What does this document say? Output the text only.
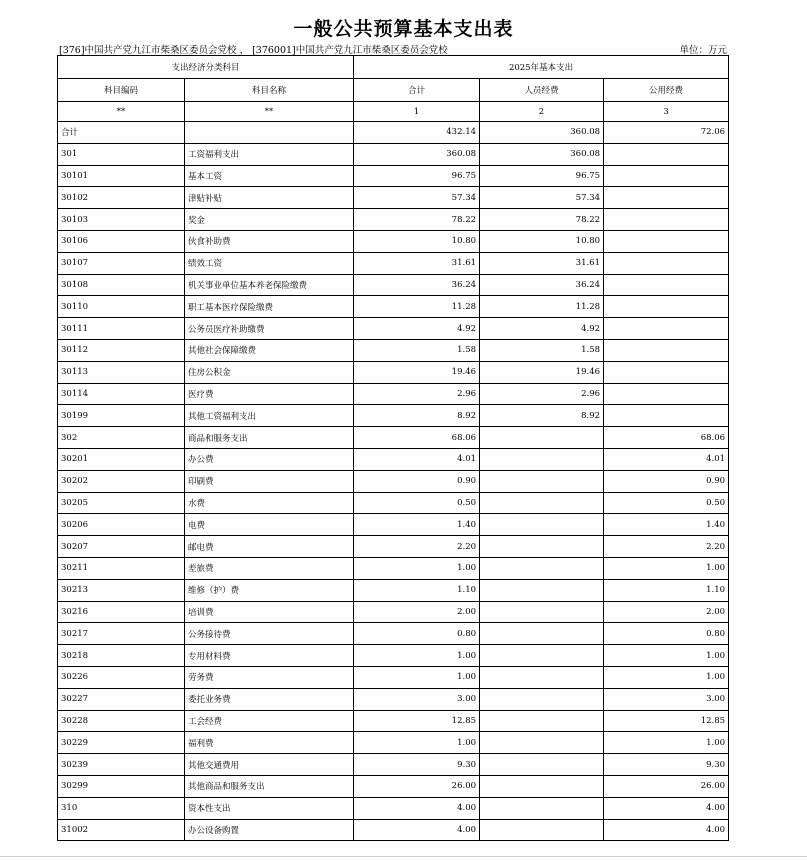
一般公共预算基本支出表
[376]中国共产党九江市柴桑区委员会党校 ， [376001]中国共产党九江市柴桑区委员会党校	单位：万元
支出经济分类科目		2025年基本支出		
科目编码	科目名称	合计	人员经费	公用经费
**	**	1	2	3
合计		432.14	360.08	72.06
301	工资福利支出	360.08	360.08	
30101	基本工资	96.75	96.75	
30102	津贴补贴	57.34	57.34	
30103	奖金	78.22	78.22	
30106	伙食补助费	10.80	10.80	
30107	绩效工资	31.61	31.61	
30108	机关事业单位基本养老保险缴费	36.24	36.24	
30110	职工基本医疗保险缴费	11.28	11.28	
30111	公务员医疗补助缴费	4.92	4.92	
30112	其他社会保障缴费	1.58	1.58	
30113	住房公积金	19.46	19.46	
30114	医疗费	2.96	2.96	
30199	其他工资福利支出	8.92	8.92	
302	商品和服务支出	68.06		68.06
30201	办公费	4.01		4.01
30202	印刷费	0.90		0.90
30205	水费	0.50		0.50
30206	电费	1.40		1.40
30207	邮电费	2.20		2.20
30211	差旅费	1.00		1.00
30213	维修（护）费	1.10		1.10
30216	培训费	2.00		2.00
30217	公务接待费	0.80		0.80
30218	专用材料费	1.00		1.00
30226	劳务费	1.00		1.00
30227	委托业务费	3.00		3.00
30228	工会经费	12.85		12.85
30229	福利费	1.00		1.00
30239	其他交通费用	9.30		9.30
30299	其他商品和服务支出	26.00		26.00
310	资本性支出	4.00		4.00
31002	办公设备购置	4.00		4.00
